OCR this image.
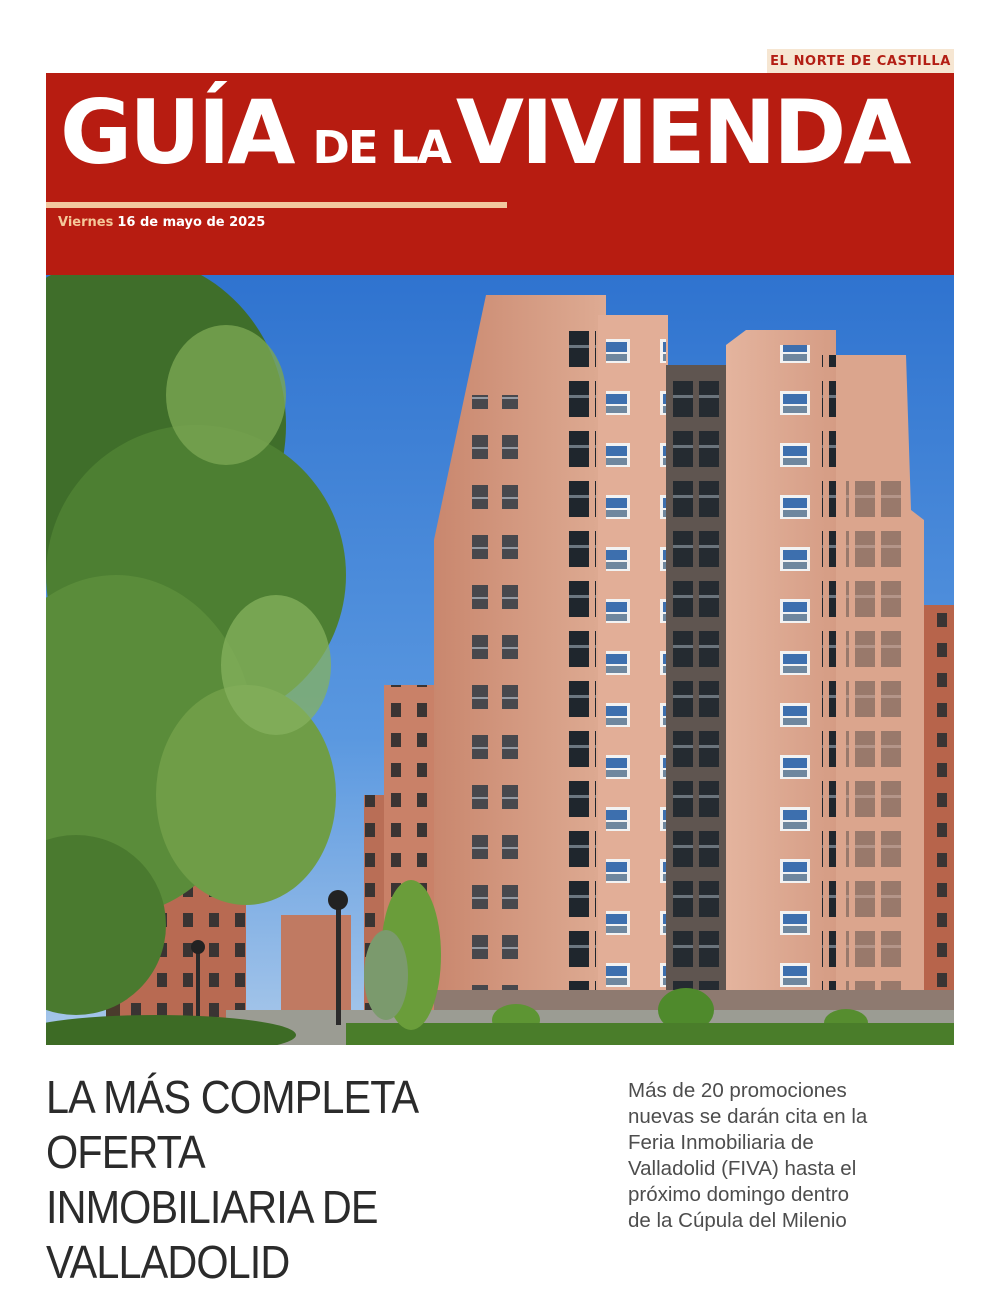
EL NORTE DE CASTILLA
GUÍA DE LA VIVIENDA
Viernes 16 de mayo de 2025
LA MÁS COMPLETA OFERTA
INMOBILIARIA DE
VALLADOLID

Más de 20 promociones
nuevas se darán cita en la
Feria Inmobiliaria de
Valladolid (FIVA) hasta el
próximo domingo dentro
de la Cúpula del Milenio
